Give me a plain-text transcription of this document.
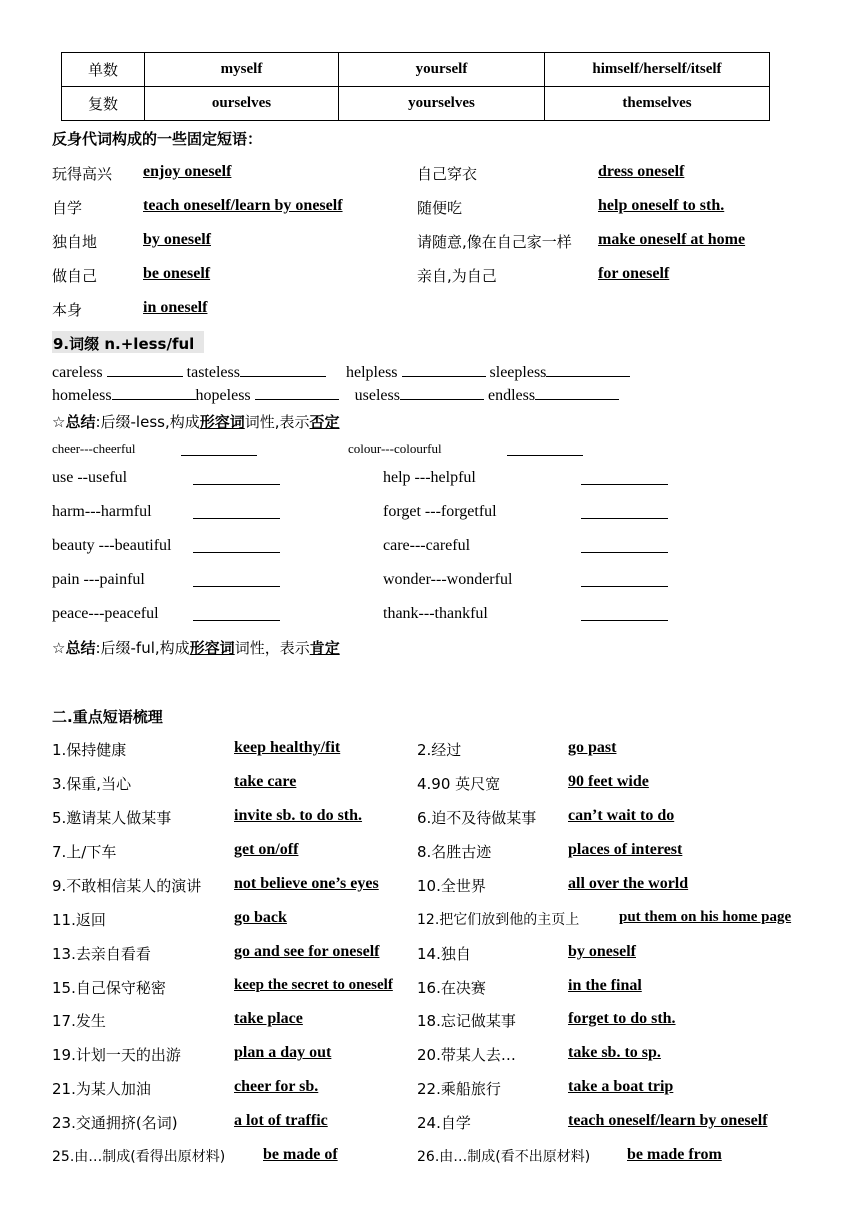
单数	myself	yourself	himself/herself/itself
复数	ourselves	yourselves	themselves
反身代词构成的一些固定短语：
玩得高兴 enjoy oneself	自己穿衣	dress oneself
自学	teach oneself/learn by oneself	随便吃	help oneself to sth.
独自地	by oneself	请随意,像在自己家一样 make oneself at home
做自己	be oneself	亲自,为自己	for oneself
本身	in oneself
9.词缀 n.+less/ful
careless	tasteless	helpless	sleepless
homeless	hopeless	useless	endless
☆总结:后缀-less,构成形容词词性,表示否定
cheer---cheerful	colour---colourful
use --useful	help ---helpful
harm---harmful	forget ---forgetful
beauty ---beautiful	care---careful
pain ---painful	wonder---wonderful
peace---peaceful	thank---thankful
☆总结:后缀-ful,构成形容词词性，表示肯定
二.重点短语梳理
1.保持健康	keep healthy/fit	2.经过	go past
3.保重,当心	take care	4.90 英尺宽	90 feet wide
5.邀请某人做某事	invite sb. to do sth.	6.迫不及待做某事 can’t wait to do
7.上/下车	get on/off	8.名胜古迹	places of interest
9.不敢相信某人的演讲 not believe one’s eyes	10.全世界	all over the world
11.返回	go back	12.把它们放到他的主页上	put them on his home page
13.去亲自看看	go and see for oneself	14.独自	by oneself
15.自己保守秘密	keep the secret to oneself 16.在决赛	in the final
17.发生	take place	18.忘记做某事	forget to do sth.
19.计划一天的出游	plan a day out	20.带某人去…	take sb. to sp.
21.为某人加油	cheer for sb.	22.乘船旅行	take a boat trip
23.交通拥挤(名词)	a lot of traffic	24.自学	teach oneself/learn by oneself
25.由…制成(看得出原材料) be made of	26.由…制成(看不出原材料) be made from
